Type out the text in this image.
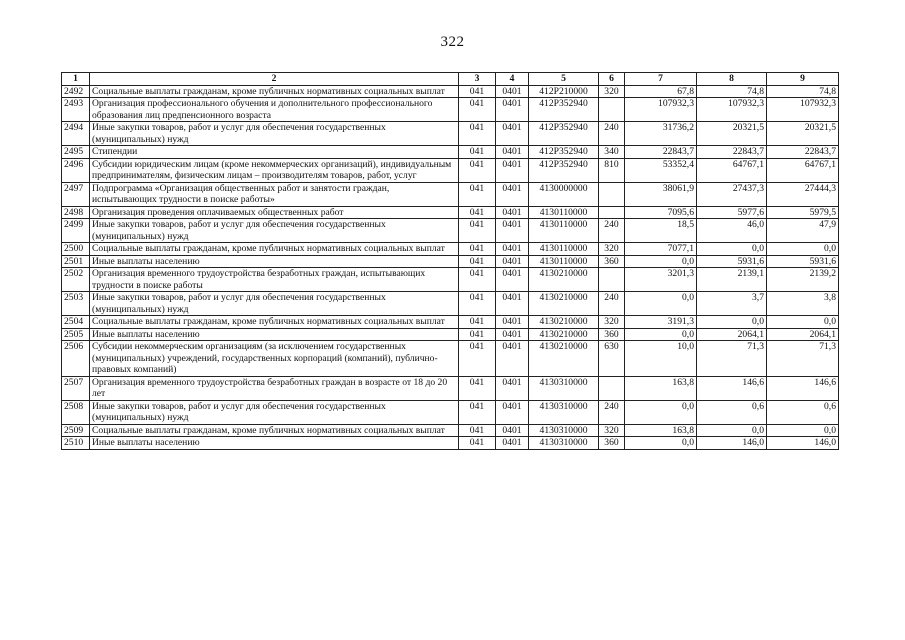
322
1	2	3	4	5	6	7	8	9
2492	Социальные выплаты гражданам, кроме публичных нормативных социальных выплат	041	0401	412P210000	320	67,8	74,8	74,8
2493	Организация профессионального обучения и дополнительного профессионального образования лиц предпенсионного возраста	041	0401	412P352940		107932,3	107932,3	107932,3
2494	Иные закупки товаров, работ и услуг для обеспечения государственных (муниципальных) нужд	041	0401	412P352940	240	31736,2	20321,5	20321,5
2495	Стипендии	041	0401	412P352940	340	22843,7	22843,7	22843,7
2496	Субсидии юридическим лицам (кроме некоммерческих организаций), индивидуальным предпринимателям, физическим лицам – производителям товаров, работ, услуг	041	0401	412P352940	810	53352,4	64767,1	64767,1
2497	Подпрограмма «Организация общественных работ и занятости граждан, испытывающих трудности в поиске работы»	041	0401	4130000000		38061,9	27437,3	27444,3
2498	Организация проведения оплачиваемых общественных работ	041	0401	4130110000		7095,6	5977,6	5979,5
2499	Иные закупки товаров, работ и услуг для обеспечения государственных (муниципальных) нужд	041	0401	4130110000	240	18,5	46,0	47,9
2500	Социальные выплаты гражданам, кроме публичных нормативных социальных выплат	041	0401	4130110000	320	7077,1	0,0	0,0
2501	Иные выплаты населению	041	0401	4130110000	360	0,0	5931,6	5931,6
2502	Организация временного трудоустройства безработных граждан, испытывающих трудности в поиске работы	041	0401	4130210000		3201,3	2139,1	2139,2
2503	Иные закупки товаров, работ и услуг для обеспечения государственных (муниципальных) нужд	041	0401	4130210000	240	0,0	3,7	3,8
2504	Социальные выплаты гражданам, кроме публичных нормативных социальных выплат	041	0401	4130210000	320	3191,3	0,0	0,0
2505	Иные выплаты населению	041	0401	4130210000	360	0,0	2064,1	2064,1
2506	Субсидии некоммерческим организациям (за исключением государственных (муниципальных) учреждений, государственных корпораций (компаний), публично-правовых компаний)	041	0401	4130210000	630	10,0	71,3	71,3
2507	Организация временного трудоустройства безработных граждан в возрасте от 18 до 20 лет	041	0401	4130310000		163,8	146,6	146,6
2508	Иные закупки товаров, работ и услуг для обеспечения государственных (муниципальных) нужд	041	0401	4130310000	240	0,0	0,6	0,6
2509	Социальные выплаты гражданам, кроме публичных нормативных социальных выплат	041	0401	4130310000	320	163,8	0,0	0,0
2510	Иные выплаты населению	041	0401	4130310000	360	0,0	146,0	146,0
